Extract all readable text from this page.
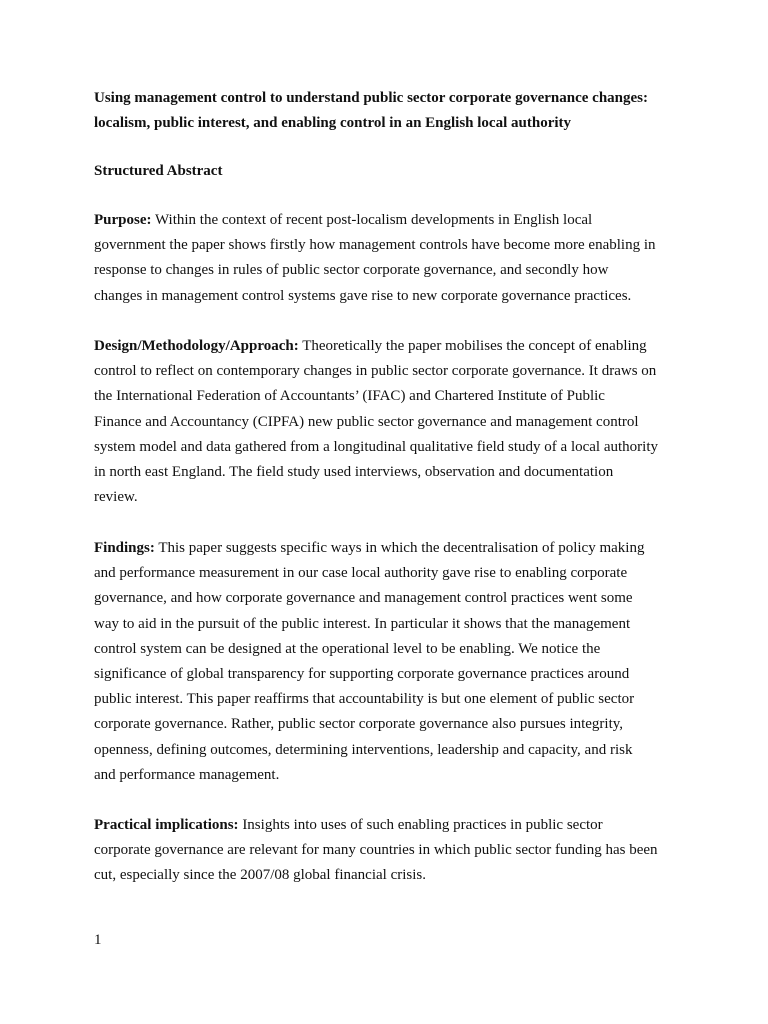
Using management control to understand public sector corporate governance changes:
localism, public interest, and enabling control in an English local authority
Structured Abstract

Purpose: Within the context of recent post-localism developments in English local
government the paper shows firstly how management controls have become more enabling in
response to changes in rules of public sector corporate governance, and secondly how
changes in management control systems gave rise to new corporate governance practices.

Design/Methodology/Approach: Theoretically the paper mobilises the concept of enabling
control to reflect on contemporary changes in public sector corporate governance. It draws on
the International Federation of Accountants’ (IFAC) and Chartered Institute of Public
Finance and Accountancy (CIPFA) new public sector governance and management control
system model and data gathered from a longitudinal qualitative field study of a local authority
in north east England. The field study used interviews, observation and documentation
review.

Findings: This paper suggests specific ways in which the decentralisation of policy making
and performance measurement in our case local authority gave rise to enabling corporate
governance, and how corporate governance and management control practices went some
way to aid in the pursuit of the public interest. In particular it shows that the management
control system can be designed at the operational level to be enabling. We notice the
significance of global transparency for supporting corporate governance practices around
public interest. This paper reaffirms that accountability is but one element of public sector
corporate governance. Rather, public sector corporate governance also pursues integrity,
openness, defining outcomes, determining interventions, leadership and capacity, and risk
and performance management.

Practical implications: Insights into uses of such enabling practices in public sector
corporate governance are relevant for many countries in which public sector funding has been
cut, especially since the 2007/08 global financial crisis.

1
